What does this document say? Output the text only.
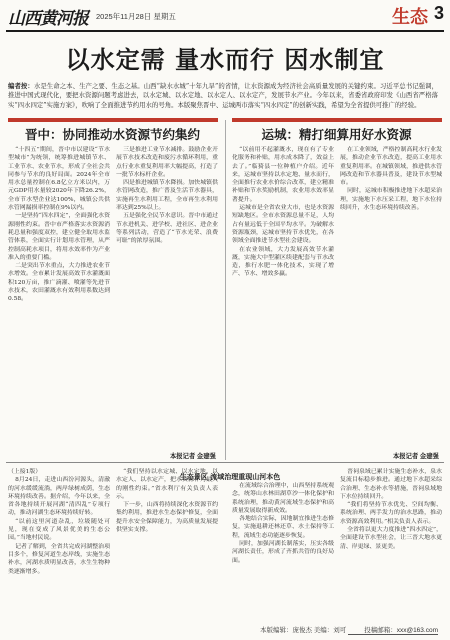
山西黄河报 2025年11月28日 星期五	生态 3
以水定需 量水而行 因水制宜
编者按：水是生命之本、生产之要、生态之基。山西“缺水水城”十年九旱”的省情，让水资源成为经济社会高质量发展的关键约束。习近平总书记强调，推进中国式现代化，要把水资源问题考虑进去，以水定城、以水定地、以水定人、以水定产，发展节水产业。今年以来，省委省政府印发《山西省严格落实“四水四定”实施方案》，吹响了全面推进节约用水的号角。本版聚焦晋中、运城两市落实“四水四定”的创新实践，希望为全省提供可推广的经验。
晋中：协同推动水资源节约集约	运城：精打细算用好水资源

“十四五”期间，晋中市以建设“节水型城市”为统领，统筹推进城镇节水、工业节水、农业节水，形成了全社会共同参与节水的良好局面。2024年全市用水总量控制在6.8亿立方米以内，万元GDP用水量较2020年下降26.2%，全市节水型企业达100%，城镇公共供水管网漏损率控制在9%以内。

一是坚持“四水四定”，全面强化水资源刚性约束。晋中市严格落实水资源消耗总量和强度双控，建立健全取用水监管体系，全面实行计划用水管理，从严控制高耗水项目，将用水效率作为产业准入的重要门槛。

二是突出节水重点，大力推进农业节水增效。全市累计发展高效节水灌溉面积120万亩，推广滴灌、喷灌等先进节水技术，农田灌溉水有效利用系数达到0.58。

三是推进工业节水减排。鼓励企业开展节水技术改造和废污水循环利用，重点行业水重复利用率大幅提高，打造了一批节水标杆企业。

四是推进城镇节水降损。加快城镇供水管网改造，推广普及生活节水器具，实施再生水利用工程，全市再生水利用率达到25%以上。

五是强化全民节水意识。晋中市通过节水进机关、进学校、进社区、进企业等系列活动，营造了“节水光荣、浪费可耻”的浓厚氛围。

本报记者 金建强

“以前用不起灌溉水，现在有了专业化服务和补贴，用水成本降了，效益上去了。”临猗县一位种植户介绍。近年来，运城市坚持以水定地、量水而行，全面推行农业水价综合改革，建立精准补贴和节水奖励机制，农业用水效率显著提升。

运城市是全省农业大市，也是水资源短缺地区。全市水资源总量不足，人均占有量远低于全国平均水平。为破解水资源瓶颈，运城市坚持节水优先，在各领域全面推进节水型社会建设。

在农业领域，大力发展高效节水灌溉，实施大中型灌区续建配套与节水改造，推行水肥一体化技术，实现了增产、节水、增效多赢。

在工业领域，严格控制高耗水行业发展，推动企业节水改造，提高工业用水重复利用率。在城镇领域，推进供水管网改造和节水器具普及，建设节水型城市。

同时，运城市积极推进地下水超采治理，实施地下水压采工程，地下水位持续回升，水生态环境持续改善。

本报记者 金建强
生态景区 流域治理重现山河本色

（上接1版）

8月24日，走进山西汾河源头，清澈的河水缓缓流淌，两岸绿树成荫，生态环境持续改善。据介绍，今年以来，全省各地持续开展河湖“清四乱”专项行动，推动河湖生态环境持续好转。

“以前这里河道杂乱，垃圾随处可见，现在变成了风景优美的生态公园。”当地村民说。

记者了解到，全省共完成河湖整治项目多个，修复河道生态岸线，实施生态补水，河湖水质明显改善，水生生物种类逐渐增多。

“我们坚持以水定城、以水定地、以水定人、以水定产，把水资源作为最大的刚性约束。”省水利厅有关负责人表示。

下一步，山西将持续深化水资源节约集约利用，推进水生态保护修复，全面提升水安全保障能力，为高质量发展提供坚实支撑。

在流域综合治理中，山西坚持系统观念，统筹山水林田湖草沙一体化保护和系统治理，推动黄河流域生态保护和高质量发展取得新成效。

各地结合实际，因地制宜推进生态修复，实施退耕还林还草、水土保持等工程，流域生态功能逐步恢复。

同时，加强河湖长制落实，压实各级河湖长责任，形成了齐抓共管的良好局面。

晋祠泉域已累计实施生态补水，泉水复流目标稳步推进。通过地下水超采综合治理、生态补水等措施，晋祠泉域地下水位持续回升。

“我们将坚持节水优先、空间均衡、系统治理、两手发力的治水思路，推动水资源高效利用。”相关负责人表示。

全省将以更大力度推进“四水四定”，全面建设节水型社会，让三晋大地水更清、岸更绿、景更美。

本版编辑：庞俊杰 美编：刘可	投稿邮箱：xxx@163.com
